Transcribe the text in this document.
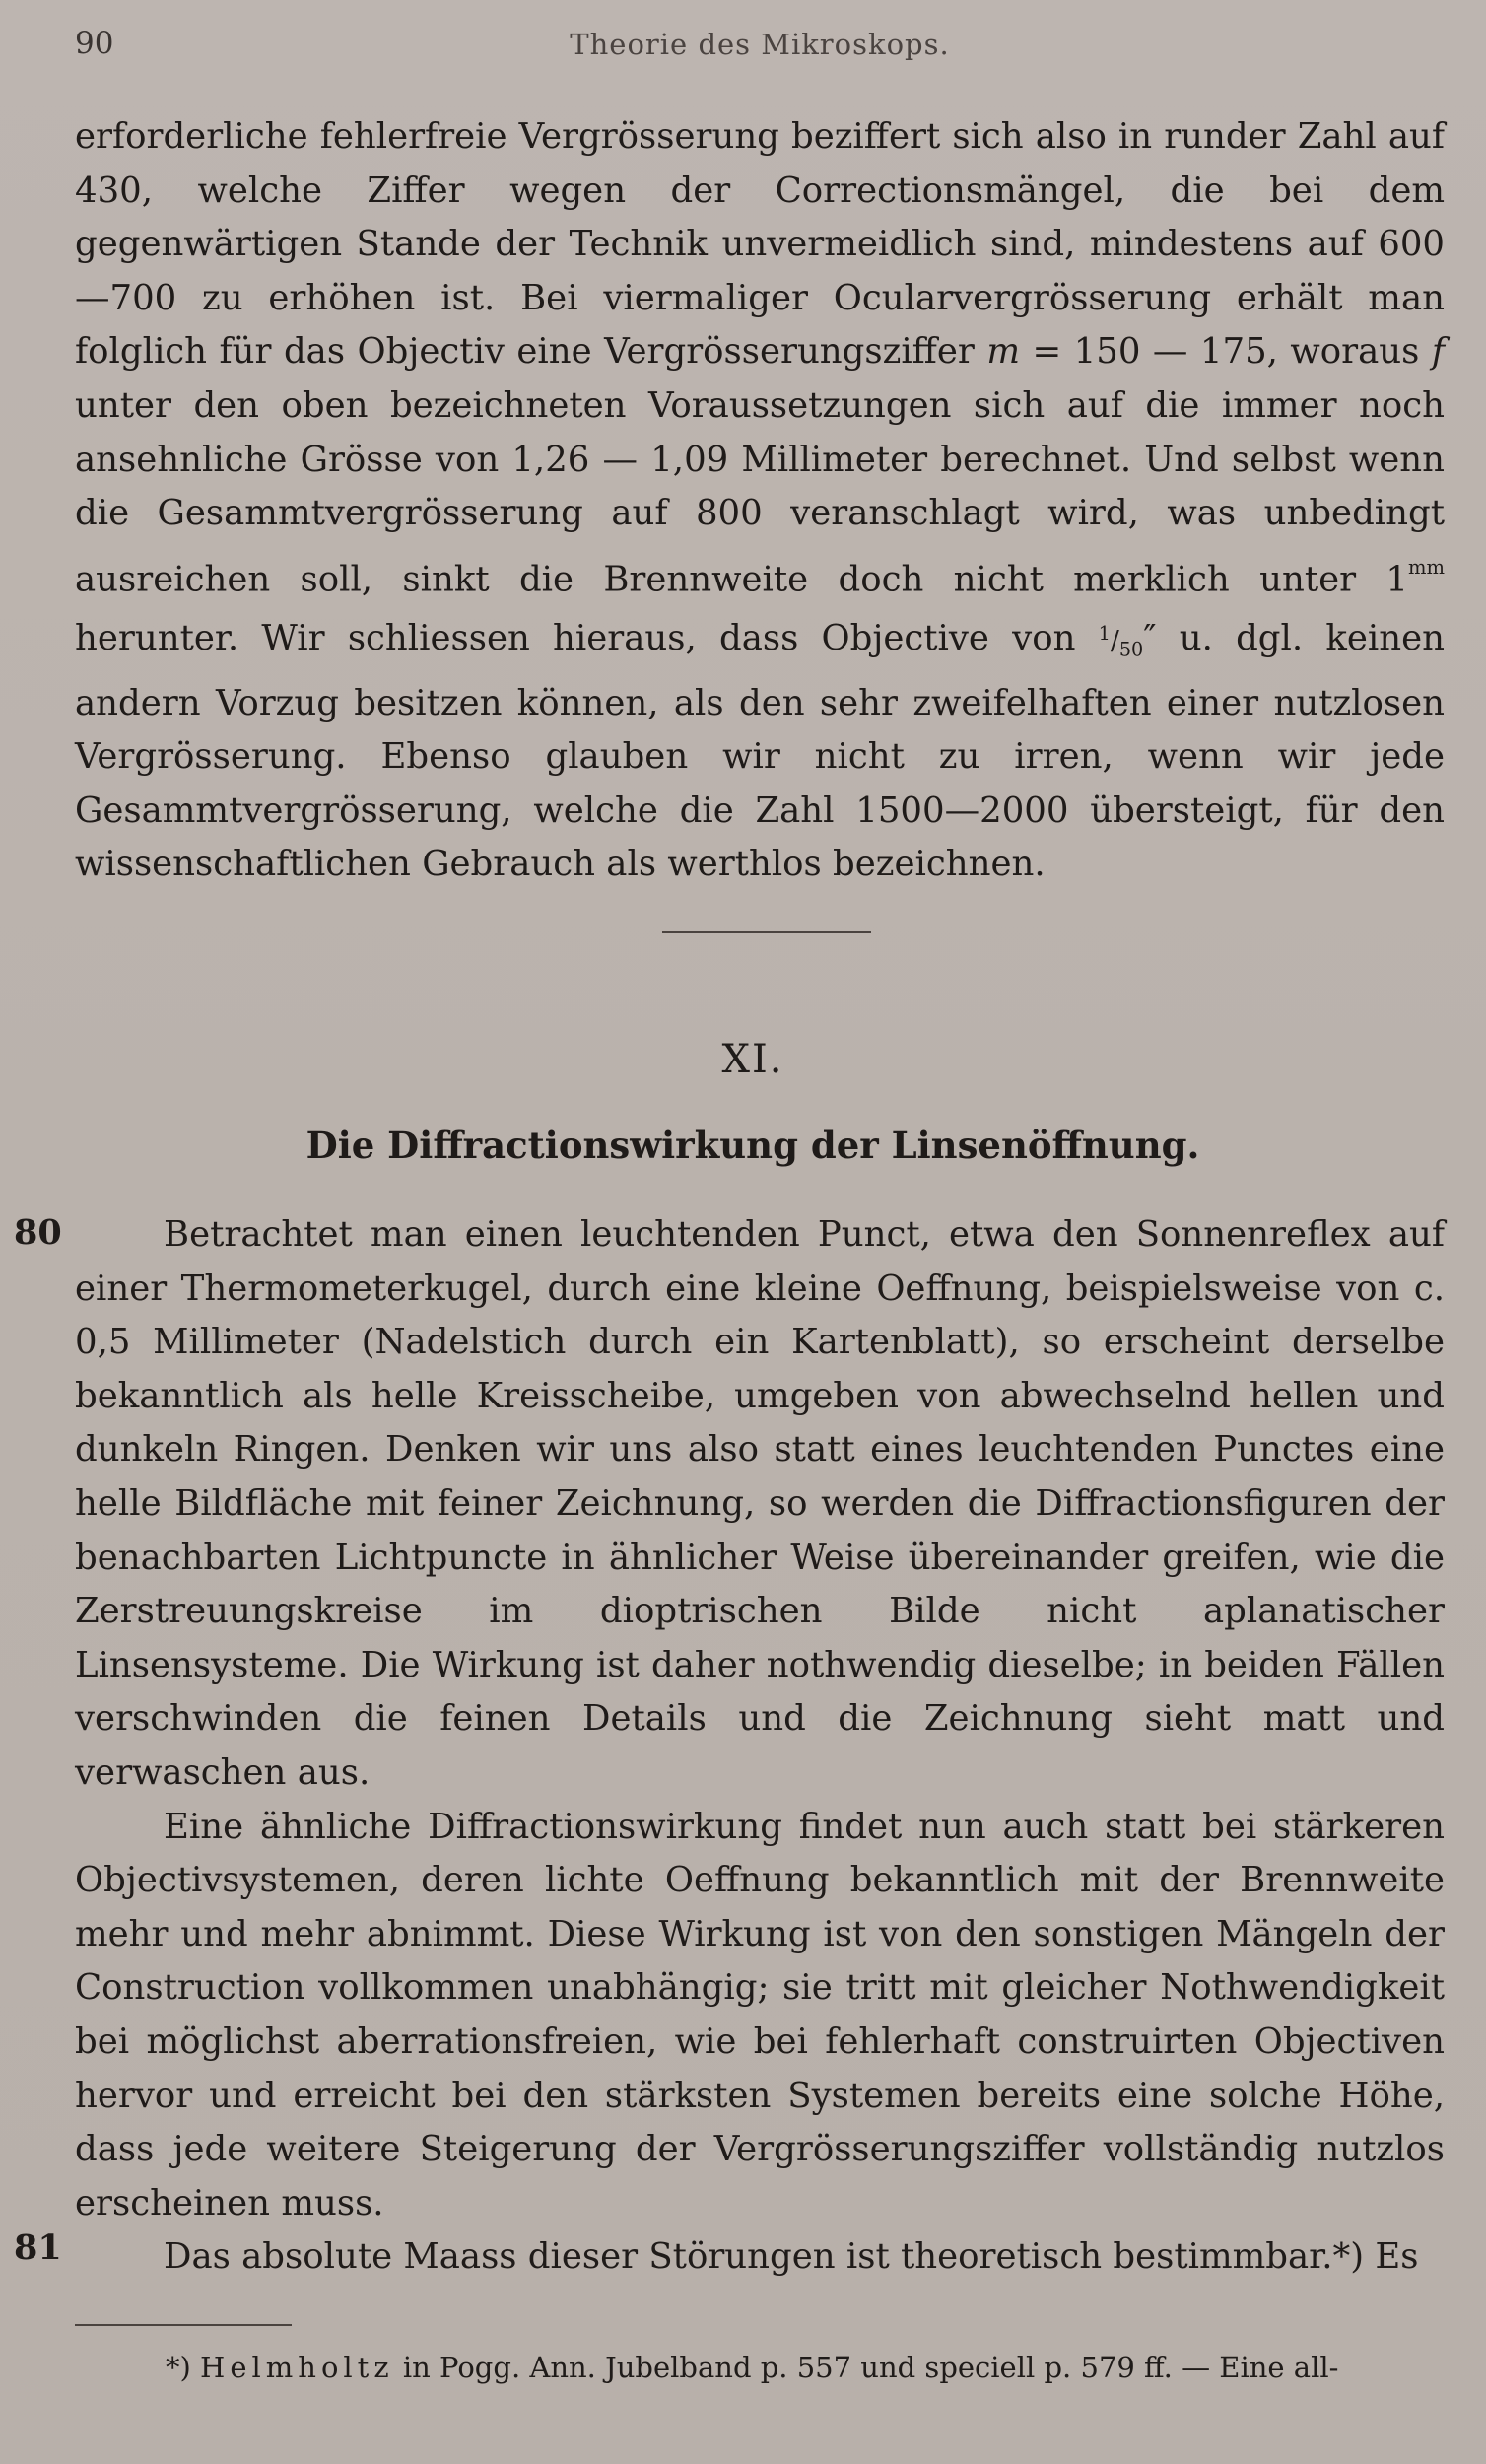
90	Theorie des Mikroskops.

erforderliche fehlerfreie Vergrösserung beziffert sich also in runder Zahl auf 430, welche Ziffer wegen der Correctionsmängel, die bei dem gegenwärtigen Stande der Technik unvermeidlich sind, mindestens auf 600—700 zu erhöhen ist. Bei viermaliger Ocularvergrösserung erhält man folglich für das Objectiv eine Vergrösserungsziffer m = 150 — 175, woraus f unter den oben bezeichneten Voraussetzungen sich auf die immer noch ansehnliche Grösse von 1,26 — 1,09 Millimeter berechnet. Und selbst wenn die Gesammtvergrösserung auf 800 veranschlagt wird, was unbedingt ausreichen soll, sinkt die Brennweite doch nicht merklich unter $1^{mm}$ herunter. Wir schliessen hieraus, dass Objective von $^1/_{50}''$ u. dgl. keinen andern Vorzug besitzen können, als den sehr zweifelhaften einer nutzlosen Vergrösserung. Ebenso glauben wir nicht zu irren, wenn wir jede Gesammtvergrösserung, welche die Zahl 1500—2000 übersteigt, für den wissenschaftlichen Gebrauch als werthlos bezeichnen.

XI.
Die Diffractionswirkung der Linsenöffnung.
80
81

Betrachtet man einen leuchtenden Punct, etwa den Sonnenreflex auf einer Thermometerkugel, durch eine kleine Oeffnung, beispielsweise von c. 0,5 Millimeter (Nadelstich durch ein Kartenblatt), so erscheint derselbe bekanntlich als helle Kreisscheibe, umgeben von abwechselnd hellen und dunkeln Ringen. Denken wir uns also statt eines leuchtenden Punctes eine helle Bildfläche mit feiner Zeichnung, so werden die Diffractionsfiguren der benachbarten Lichtpuncte in ähnlicher Weise übereinander greifen, wie die Zerstreuungskreise im dioptrischen Bilde nicht aplanatischer Linsensysteme. Die Wirkung ist daher nothwendig dieselbe; in beiden Fällen verschwinden die feinen Details und die Zeichnung sieht matt und verwaschen aus.

Eine ähnliche Diffractionswirkung findet nun auch statt bei stärkeren Objectivsystemen, deren lichte Oeffnung bekanntlich mit der Brennweite mehr und mehr abnimmt. Diese Wirkung ist von den sonstigen Mängeln der Construction vollkommen unabhängig; sie tritt mit gleicher Nothwendigkeit bei möglichst aberrationsfreien, wie bei fehlerhaft construirten Objectiven hervor und erreicht bei den stärksten Systemen bereits eine solche Höhe, dass jede weitere Steigerung der Vergrösserungsziffer vollständig nutzlos erscheinen muss.

Das absolute Maass dieser Störungen ist theoretisch bestimmbar.*) Es

*) Helmholtz in Pogg. Ann. Jubelband p. 557 und speciell p. 579 ff. — Eine all-
